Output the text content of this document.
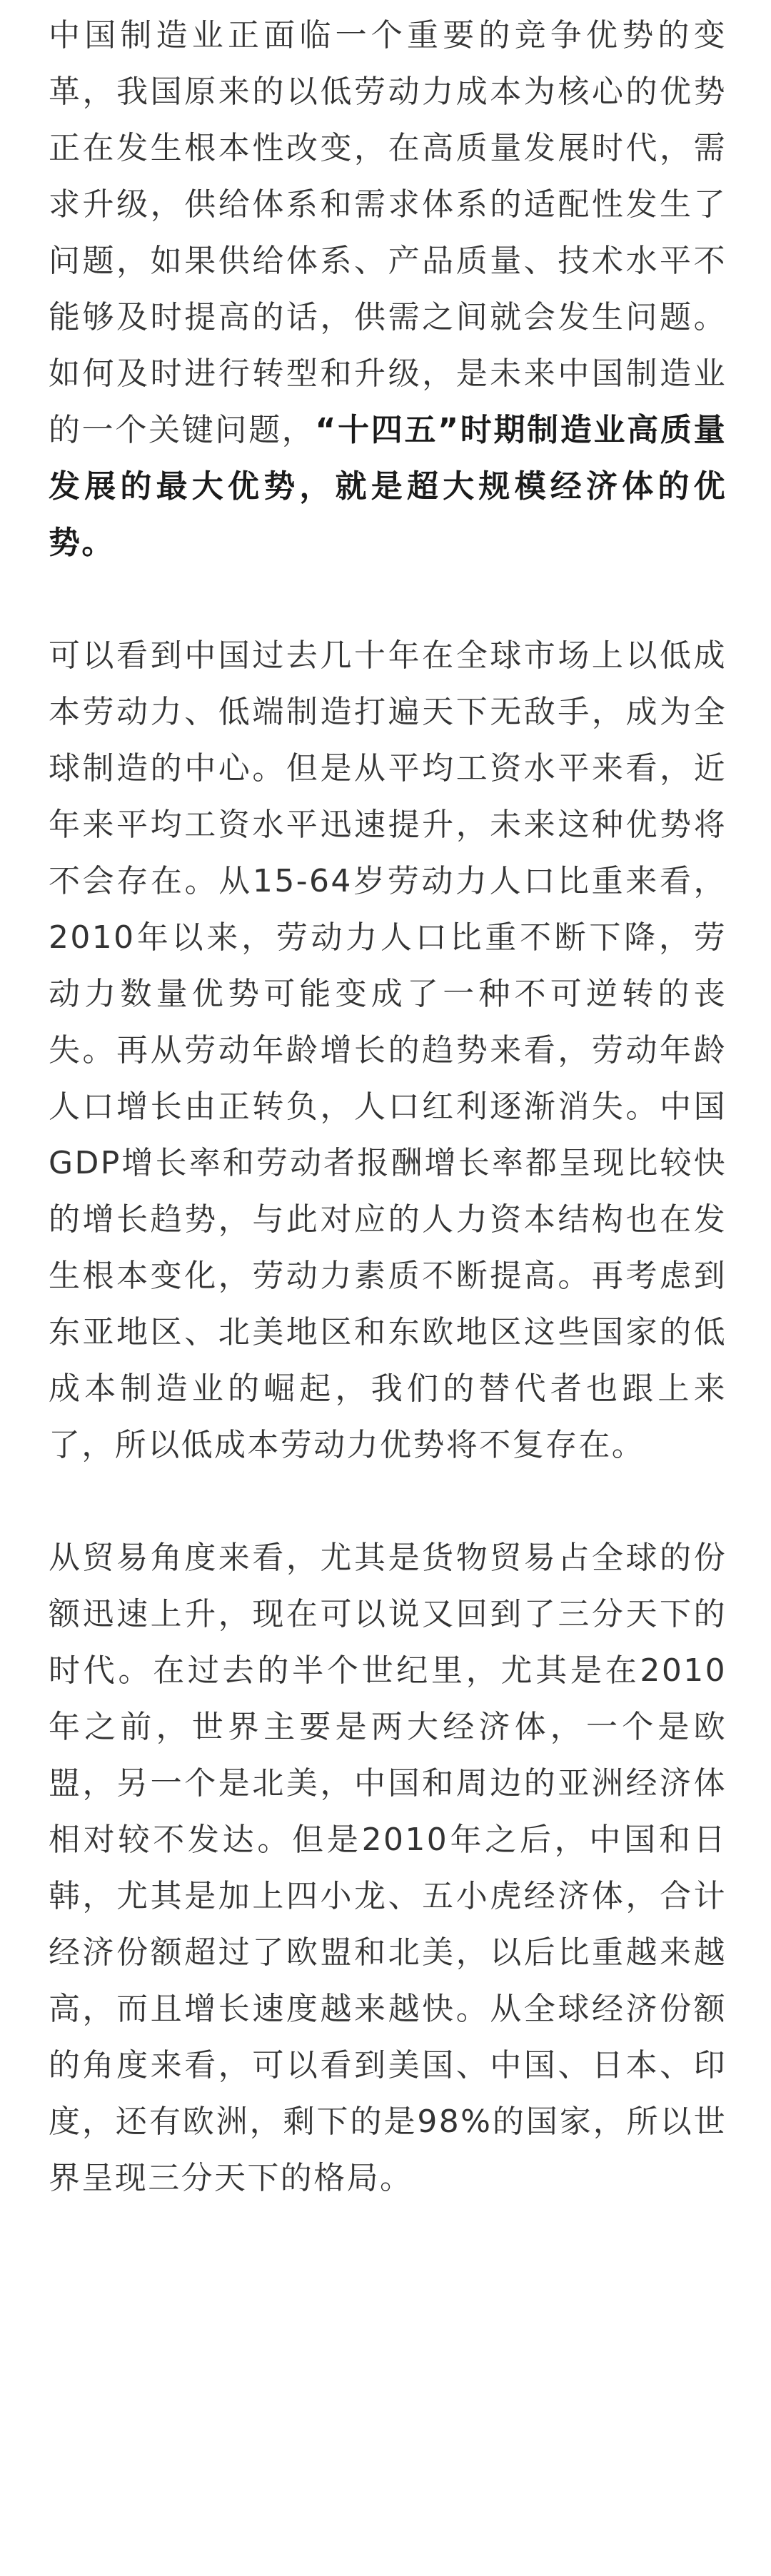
中国制造业正面临一个重要的竞争优势的变革，我国原来的以低劳动力成本为核心的优势正在发生根本性改变，在高质量发展时代，需求升级，供给体系和需求体系的适配性发生了问题，如果供给体系、产品质量、技术水平不能够及时提高的话，供需之间就会发生问题。如何及时进行转型和升级，是未来中国制造业的一个关键问题，“十四五”时期制造业高质量发展的最大优势，就是超大规模经济体的优势。

可以看到中国过去几十年在全球市场上以低成本劳动力、低端制造打遍天下无敌手，成为全球制造的中心。但是从平均工资水平来看，近年来平均工资水平迅速提升，未来这种优势将不会存在。从15-64岁劳动力人口比重来看，2010年以来，劳动力人口比重不断下降，劳动力数量优势可能变成了一种不可逆转的丧失。再从劳动年龄增长的趋势来看，劳动年龄人口增长由正转负，人口红利逐渐消失。中国GDP增长率和劳动者报酬增长率都呈现比较快的增长趋势，与此对应的人力资本结构也在发生根本变化，劳动力素质不断提高。再考虑到东亚地区、北美地区和东欧地区这些国家的低成本制造业的崛起，我们的替代者也跟上来了，所以低成本劳动力优势将不复存在。

从贸易角度来看，尤其是货物贸易占全球的份额迅速上升，现在可以说又回到了三分天下的时代。在过去的半个世纪里，尤其是在2010年之前，世界主要是两大经济体，一个是欧盟，另一个是北美，中国和周边的亚洲经济体相对较不发达。但是2010年之后，中国和日韩，尤其是加上四小龙、五小虎经济体，合计经济份额超过了欧盟和北美，以后比重越来越高，而且增长速度越来越快。从全球经济份额的角度来看，可以看到美国、中国、日本、印度，还有欧洲，剩下的是98%的国家，所以世界呈现三分天下的格局。
